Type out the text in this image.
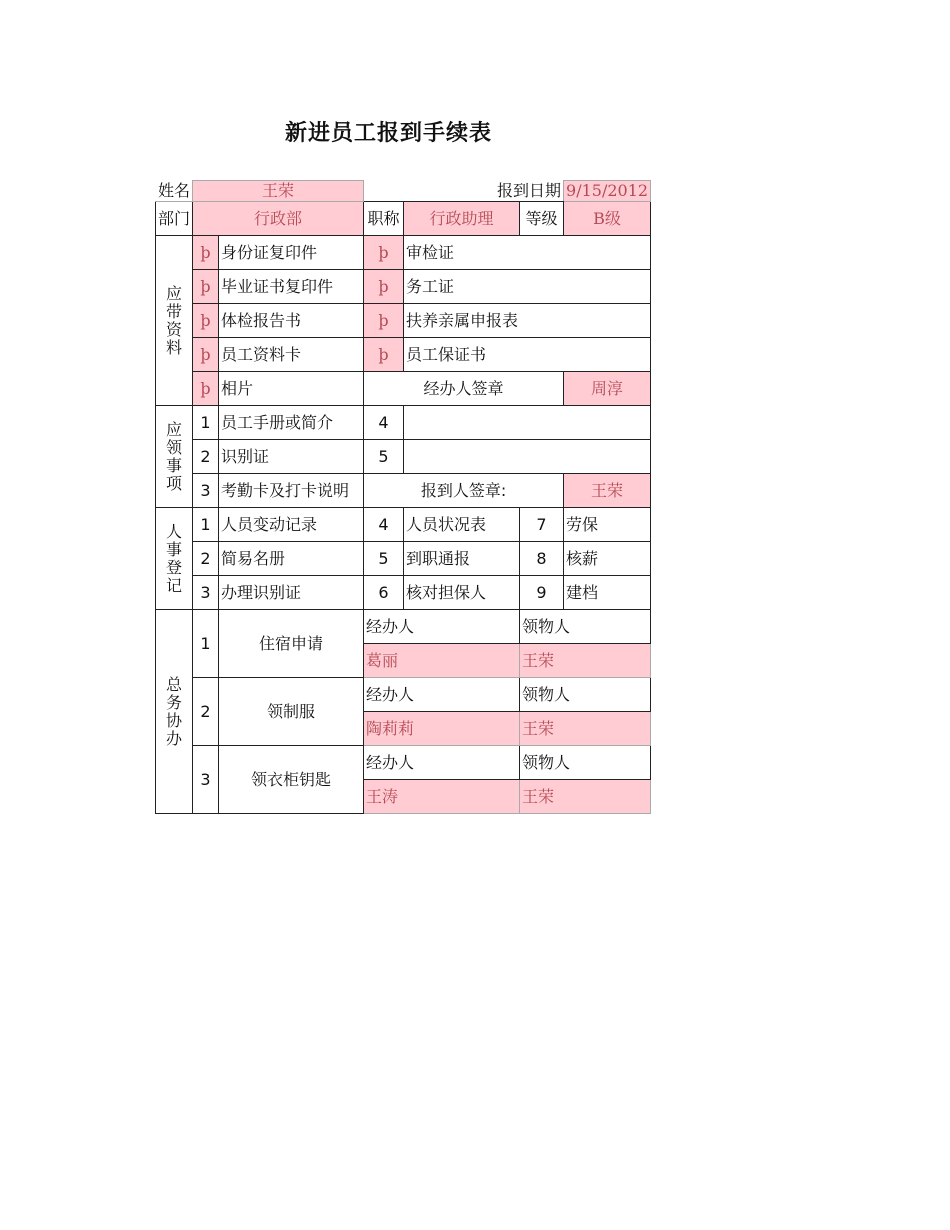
新进员工报到手续表
姓名	王荣		报到日期			9/15/2012
部门	行政部		职称	行政助理	等级	B级
应带资料	þ	身份证复印件	þ	审检证		
	þ	毕业证书复印件	þ	务工证		
	þ	体检报告书	þ	扶养亲属申报表		
	þ	员工资料卡	þ	员工保证书		
	þ	相片	经办人签章			周淳
应领事项	1	员工手册或简介	4			
	2	识别证	5			
	3	考勤卡及打卡说明	报到人签章:			王荣
人事登记	1	人员变动记录	4	人员状况表	7	劳保
	2	简易名册	5	到职通报	8	核薪
	3	办理识别证	6	核对担保人	9	建档
总务协办	1	住宿申请	经办人		领物人	
			葛丽		王荣	
	2	领制服	经办人		领物人	
			陶莉莉		王荣	
	3	领衣柜钥匙	经办人		领物人	
			王涛		王荣	
